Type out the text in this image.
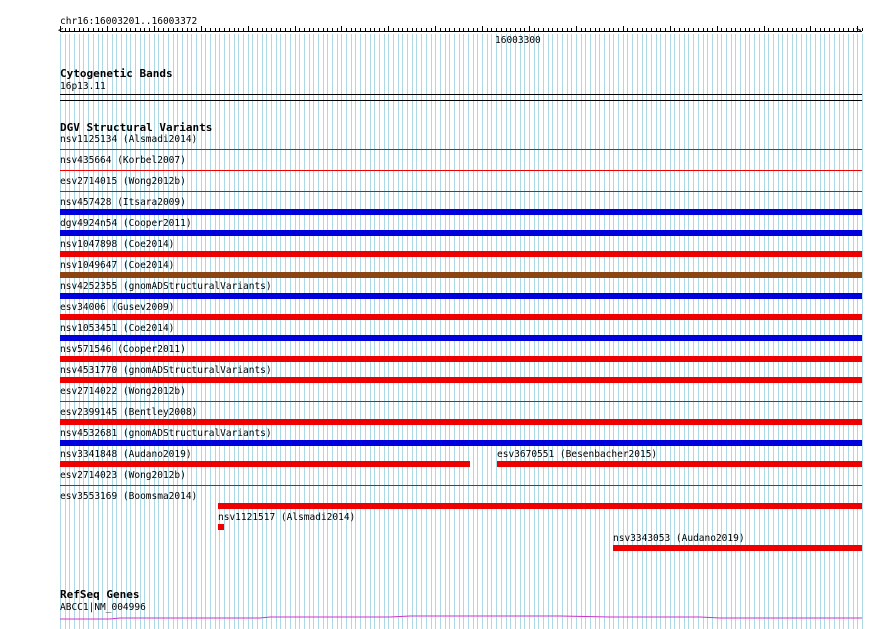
chr16:16003201..16003372
<	>
16003300
Cytogenetic Bands
16p13.11
DGV Structural Variants
nsv1125134 (Alsmadi2014)
nsv435664 (Korbel2007)
esv2714015 (Wong2012b)
nsv457428 (Itsara2009)
dgv4924n54 (Cooper2011)
nsv1047898 (Coe2014)
nsv1049647 (Coe2014)
nsv4252355 (gnomADStructuralVariants)
esv34006 (Gusev2009)
nsv1053451 (Coe2014)
nsv571546 (Cooper2011)
nsv4531770 (gnomADStructuralVariants)
esv2714022 (Wong2012b)
esv2399145 (Bentley2008)
nsv4532681 (gnomADStructuralVariants)
nsv3341848 (Audano2019)	esv3670551 (Besenbacher2015)
esv2714023 (Wong2012b)
esv3553169 (Boomsma2014)
nsv1121517 (Alsmadi2014)
nsv3343053 (Audano2019)
RefSeq Genes
ABCC1|NM_004996
